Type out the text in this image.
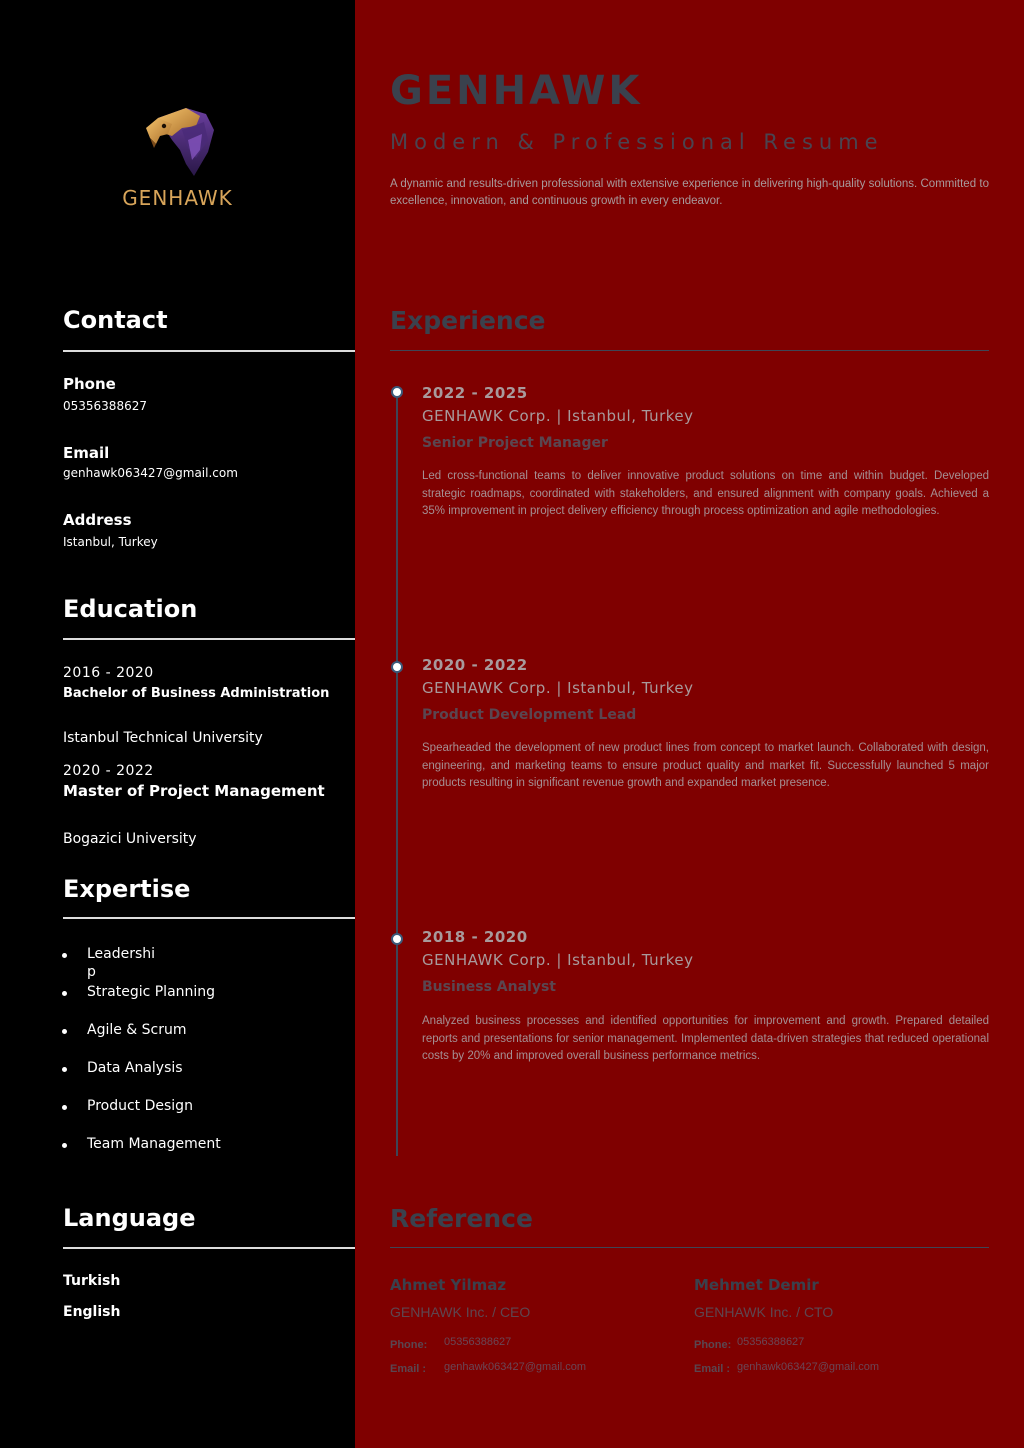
GENHAWK
Contact
Phone
05356388627
Email
genhawk063427@gmail.com
Address
Istanbul, Turkey
Education
2016 - 2020
Bachelor of Business Administration
Istanbul Technical University
2020 - 2022
Master of Project Management
Bogazici University
Expertise
Leadership
Strategic Planning
Agile & Scrum
Data Analysis
Product Design
Team Management
Language
Turkish
English
GENHAWK
Modern & Professional Resume
A dynamic and results-driven professional with extensive experience in delivering high-quality solutions. Committed to excellence, innovation, and continuous growth in every endeavor.
Experience
2022 - 2025
GENHAWK Corp. | Istanbul, Turkey
Senior Project Manager
Led cross-functional teams to deliver innovative product solutions on time and within budget. Developed strategic roadmaps, coordinated with stakeholders, and ensured alignment with company goals. Achieved a 35% improvement in project delivery efficiency through process optimization and agile methodologies.
2020 - 2022
GENHAWK Corp. | Istanbul, Turkey
Product Development Lead
Spearheaded the development of new product lines from concept to market launch. Collaborated with design, engineering, and marketing teams to ensure product quality and market fit. Successfully launched 5 major products resulting in significant revenue growth and expanded market presence.
2018 - 2020
GENHAWK Corp. | Istanbul, Turkey
Business Analyst
Analyzed business processes and identified opportunities for improvement and growth. Prepared detailed reports and presentations for senior management. Implemented data-driven strategies that reduced operational costs by 20% and improved overall business performance metrics.
Reference
Ahmet Yilmaz
GENHAWK Inc. / CEO
Phone: 05356388627
Email : genhawk063427@gmail.com
Mehmet Demir
GENHAWK Inc. / CTO
Phone: 05356388627
Email : genhawk063427@gmail.com
